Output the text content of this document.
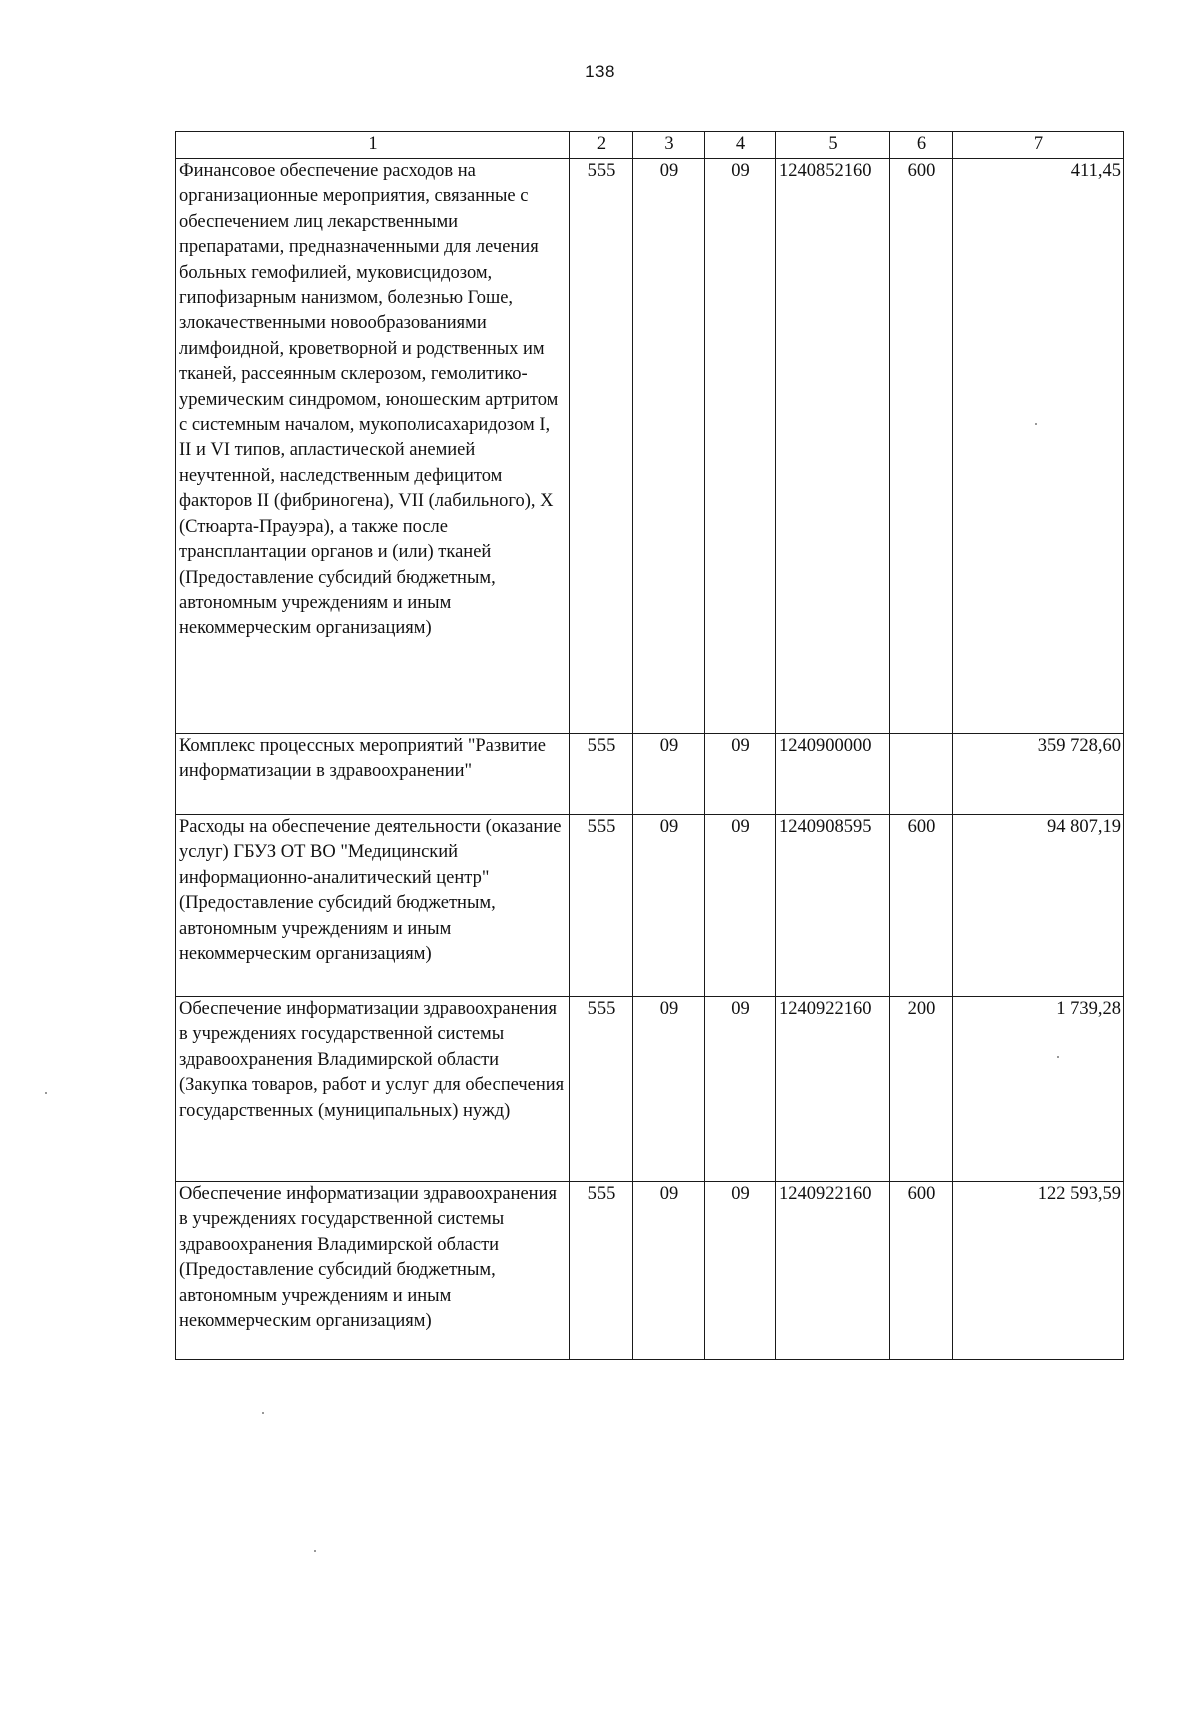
138
1	2	3	4	5	6	7
Финансовое обеспечение расходов на организационные мероприятия, связанные с обеспечением лиц лекарственными препаратами, предназначенными для лечения больных гемофилией, муковисцидозом, гипофизарным нанизмом, болезнью Гоше, злокачественными новообразованиями лимфоидной, кроветворной и родственных им тканей, рассеянным склерозом, гемолитико-уремическим синдромом, юношеским артритом с системным началом, мукополисахаридозом I, II и VI типов, апластической анемией неучтенной, наследственным дефицитом факторов II (фибриногена), VII (лабильного), X (Стюарта-Прауэра), а также после трансплантации органов и (или) тканей (Предоставление субсидий бюджетным, автономным учреждениям и иным некоммерческим организациям)	555	09	09	1240852160	600	411,45
Комплекс процессных мероприятий "Развитие информатизации в здравоохранении"	555	09	09	1240900000		359 728,60
Расходы на обеспечение деятельности (оказание услуг) ГБУЗ ОТ ВО "Медицинский информационно-аналитический центр" (Предоставление субсидий бюджетным, автономным учреждениям и иным некоммерческим организациям)	555	09	09	1240908595	600	94 807,19
Обеспечение информатизации здравоохранения в учреждениях государственной системы здравоохранения Владимирской области (Закупка товаров, работ и услуг для обеспечения государственных (муниципальных) нужд)	555	09	09	1240922160	200	1 739,28
Обеспечение информатизации здравоохранения в учреждениях государственной системы здравоохранения Владимирской области (Предоставление субсидий бюджетным, автономным учреждениям и иным некоммерческим организациям)	555	09	09	1240922160	600	122 593,59
